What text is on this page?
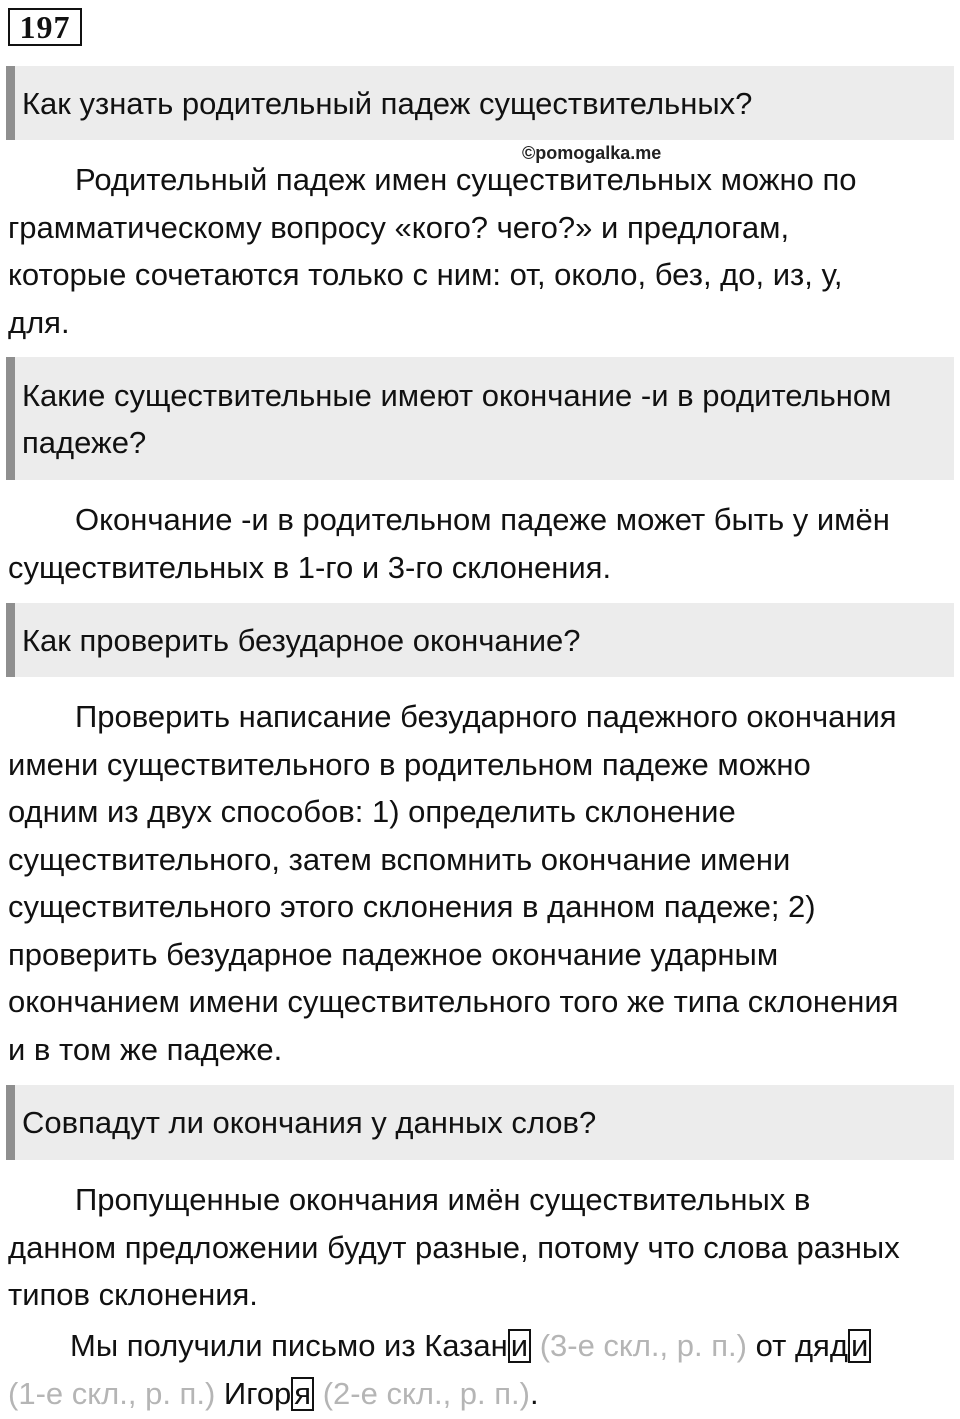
197
Как узнать родительный падеж существительных?
©pomogalka.me

Родительный падеж имен существительных можно по грамматическому вопросу «кого? чего?» и предлогам, которые сочетаются только с ним: от, около, без, до, из, у, для.

Какие существительные имеют окончание -и в родительном падеже?

Окончание -и в родительном падеже может быть у имён существительных в 1-го и 3-го склонения.

Как проверить безударное окончание?

Проверить написание безударного падежного окончания имени существительного в родительном падеже можно одним из двух способов: 1) определить склонение существительного, затем вспомнить окончание имени существительного этого склонения в данном падеже; 2) проверить безударное падежное окончание ударным окончанием имени существительного того же типа склонения и в том же падеже.

Совпадут ли окончания у данных слов?

Пропущенные окончания имён существительных в данном предложении будут разные, потому что слова разных типов склонения.

Мы получили письмо из Казани (3-е скл., р. п.) от дяди (1-е скл., р. п.) Игоря (2-е скл., р. п.).
